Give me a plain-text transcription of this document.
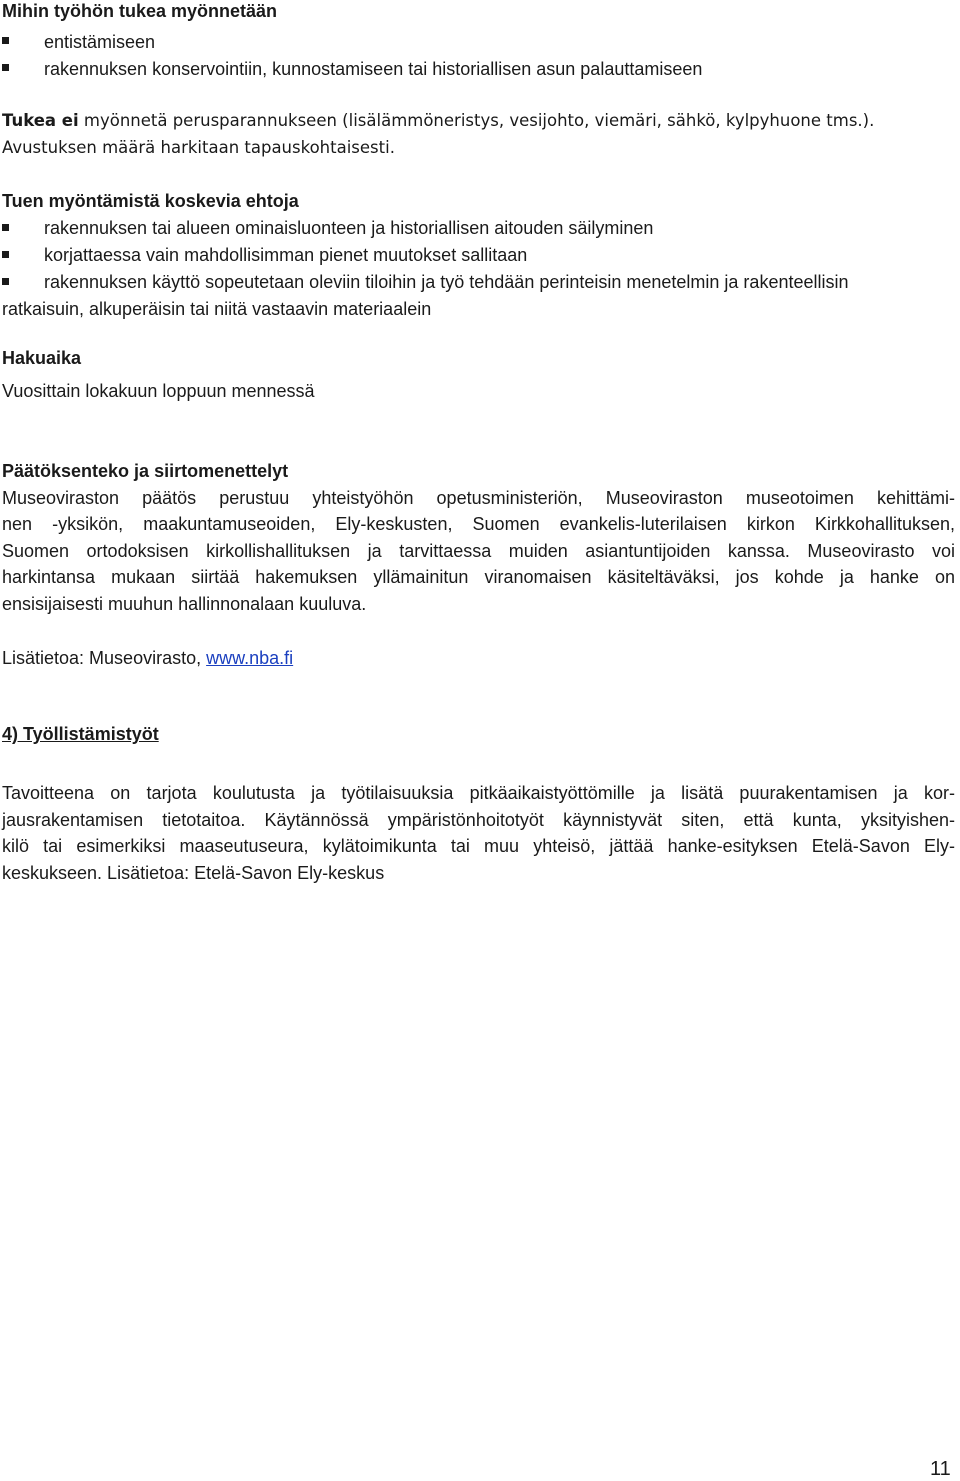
Mihin työhön tukea myönnetään
entistämiseen
rakennuksen konservointiin, kunnostamiseen tai historiallisen asun palauttamiseen
Tukea ei myönnetä perusparannukseen (lisälämmöneristys, vesijohto, viemäri, sähkö, kylpyhuone tms.).
Avustuksen määrä harkitaan tapauskohtaisesti.
Tuen myöntämistä koskevia ehtoja
rakennuksen tai alueen ominaisluonteen ja historiallisen aitouden säilyminen
korjattaessa vain mahdollisimman pienet muutokset sallitaan
rakennuksen käyttö sopeutetaan oleviin tiloihin ja työ tehdään perinteisin menetelmin ja rakenteellisin
ratkaisuin, alkuperäisin tai niitä vastaavin materiaalein
Hakuaika
Vuosittain lokakuun loppuun mennessä
Päätöksenteko ja siirtomenettelyt
Museoviraston päätös perustuu yhteistyöhön opetusministeriön, Museoviraston museotoimen kehittämi-
nen -yksikön, maakuntamuseoiden, Ely-keskusten, Suomen evankelis-luterilaisen kirkon Kirkkohallituksen,
Suomen ortodoksisen kirkollishallituksen ja tarvittaessa muiden asiantuntijoiden kanssa. Museovirasto voi
harkintansa mukaan siirtää hakemuksen yllämainitun viranomaisen käsiteltäväksi, jos kohde ja hanke on
ensisijaisesti muuhun hallinnonalaan kuuluva.
Lisätietoa: Museovirasto, www.nba.fi
4) Työllistämistyöt
Tavoitteena on tarjota koulutusta ja työtilaisuuksia pitkäaikaistyöttömille ja lisätä puurakentamisen ja kor-
jausrakentamisen tietotaitoa. Käytännössä ympäristönhoitotyöt käynnistyvät siten, että kunta, yksityishen-
kilö tai esimerkiksi maaseutuseura, kylätoimikunta tai muu yhteisö, jättää hanke-esityksen Etelä-Savon Ely-
keskukseen. Lisätietoa: Etelä-Savon Ely-keskus
11
